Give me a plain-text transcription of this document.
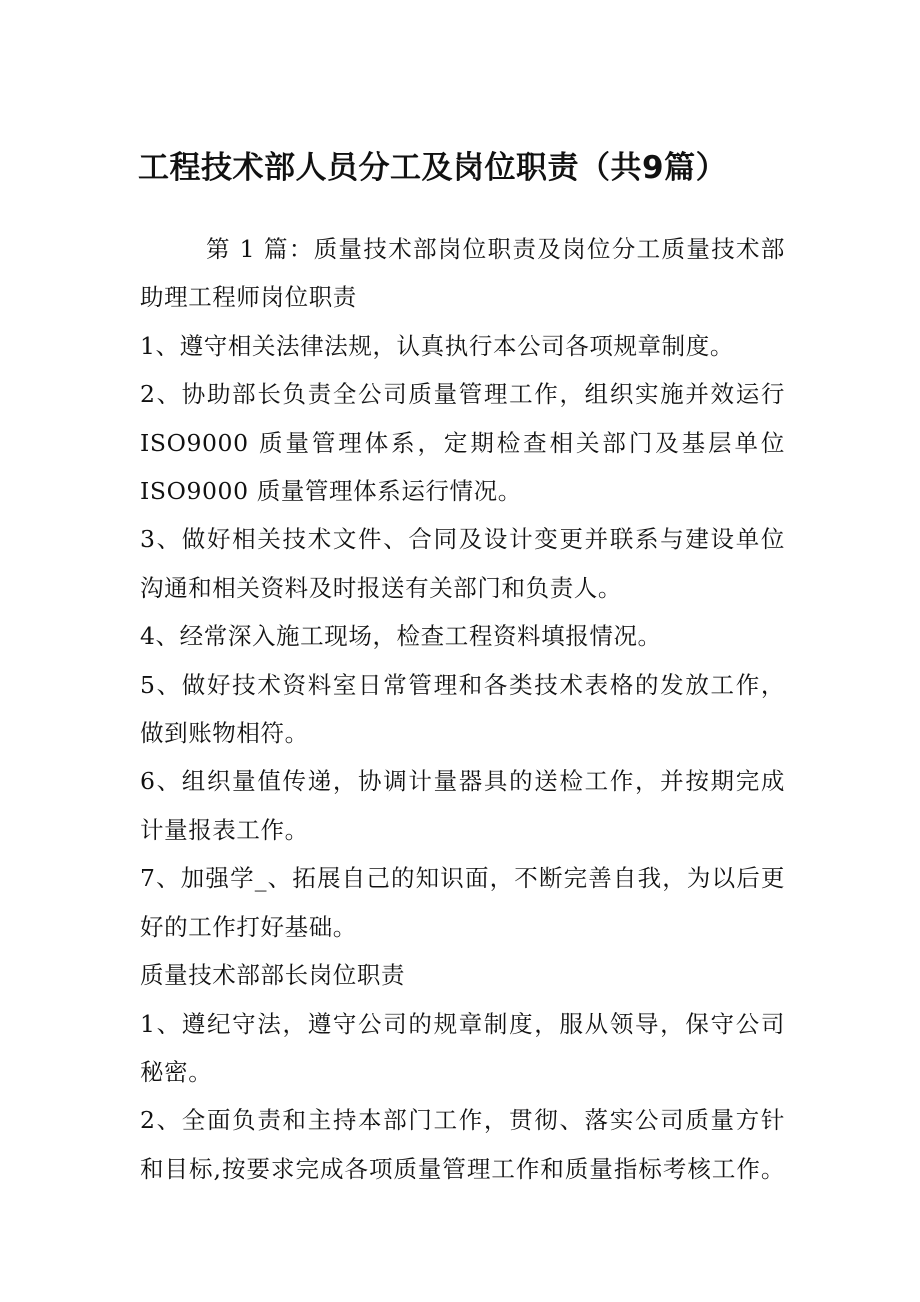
工程技术部人员分工及岗位职责（共9篇）
第 1 篇：质量技术部岗位职责及岗位分工质量技术部
助理工程师岗位职责
1、遵守相关法律法规，认真执行本公司各项规章制度。
2、协助部长负责全公司质量管理工作，组织实施并效运行
ISO9000 质量管理体系，定期检查相关部门及基层单位
ISO9000 质量管理体系运行情况。
3、做好相关技术文件、合同及设计变更并联系与建设单位
沟通和相关资料及时报送有关部门和负责人。
4、经常深入施工现场，检查工程资料填报情况。
5、做好技术资料室日常管理和各类技术表格的发放工作，
做到账物相符。
6、组织量值传递，协调计量器具的送检工作，并按期完成
计量报表工作。
7、加强学_、拓展自己的知识面，不断完善自我，为以后更
好的工作打好基础。
质量技术部部长岗位职责
1、遵纪守法，遵守公司的规章制度，服从领导，保守公司
秘密。
2、全面负责和主持本部门工作，贯彻、落实公司质量方针
和目标,按要求完成各项质量管理工作和质量指标考核工作。
